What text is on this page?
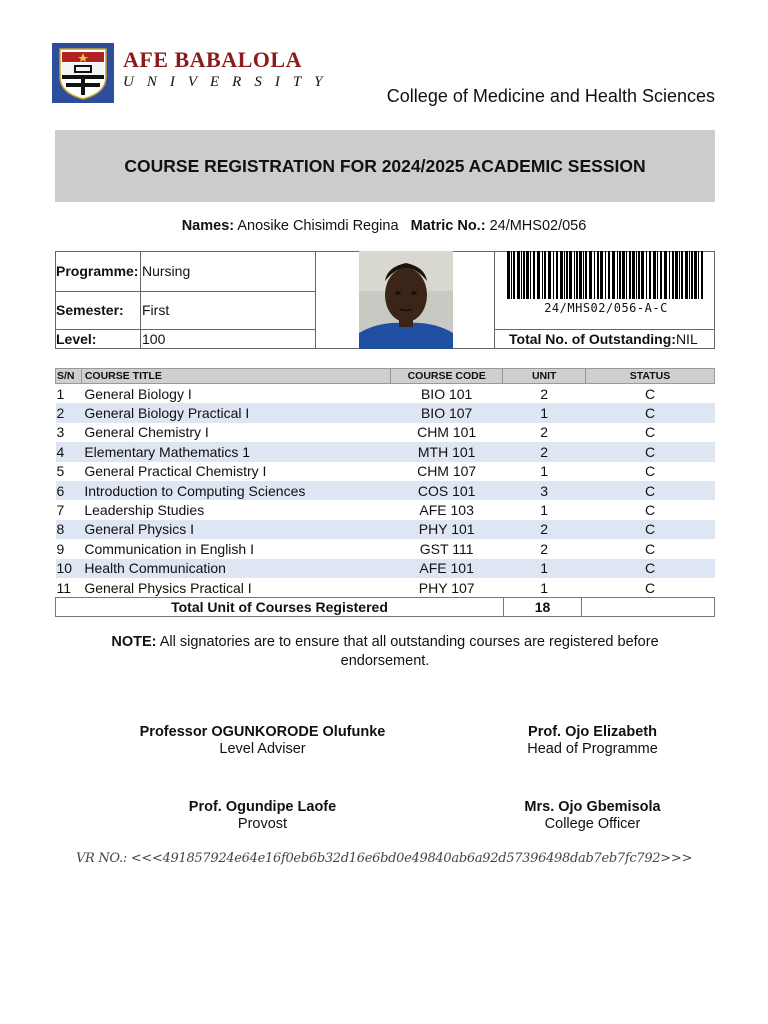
AFE BABALOLA
UNIVERSITY
College of Medicine and Health Sciences
COURSE REGISTRATION FOR 2024/2025 ACADEMIC SESSION
Names: Anosike Chisimdi Regina Matric No.: 24/MHS02/056
Programme: Nursing
Semester: First
Level:	100
24/MHS02/056-A-C
Total No. of Outstanding:NIL
S/N	COURSE TITLE	COURSE CODE	UNIT	STATUS
1	General Biology I	BIO 101	2	C
2	General Biology Practical I	BIO 107	1	C
3	General Chemistry I	CHM 101	2	C
4	Elementary Mathematics 1	MTH 101	2	C
5	General Practical Chemistry I	CHM 107	1	C
6	Introduction to Computing Sciences	COS 101	3	C
7	Leadership Studies	AFE 103	1	C
8	General Physics I	PHY 101	2	C
9	Communication in English I	GST 111	2	C
10	Health Communication	AFE 101	1	C
11	General Physics Practical I	PHY 107	1	C
Total Unit of Courses Registered	18
NOTE: All signatories are to ensure that all outstanding courses are registered before endorsement.
Professor OGUNKORODE Olufunke
Level Adviser
Prof. Ojo Elizabeth
Head of Programme
Prof. Ogundipe Laofe
Provost
Mrs. Ojo Gbemisola
College Officer
VR NO.: <<<491857924e64e16f0eb6b32d16e6bd0e49840ab6a92d57396498dab7eb7fc792>>>
